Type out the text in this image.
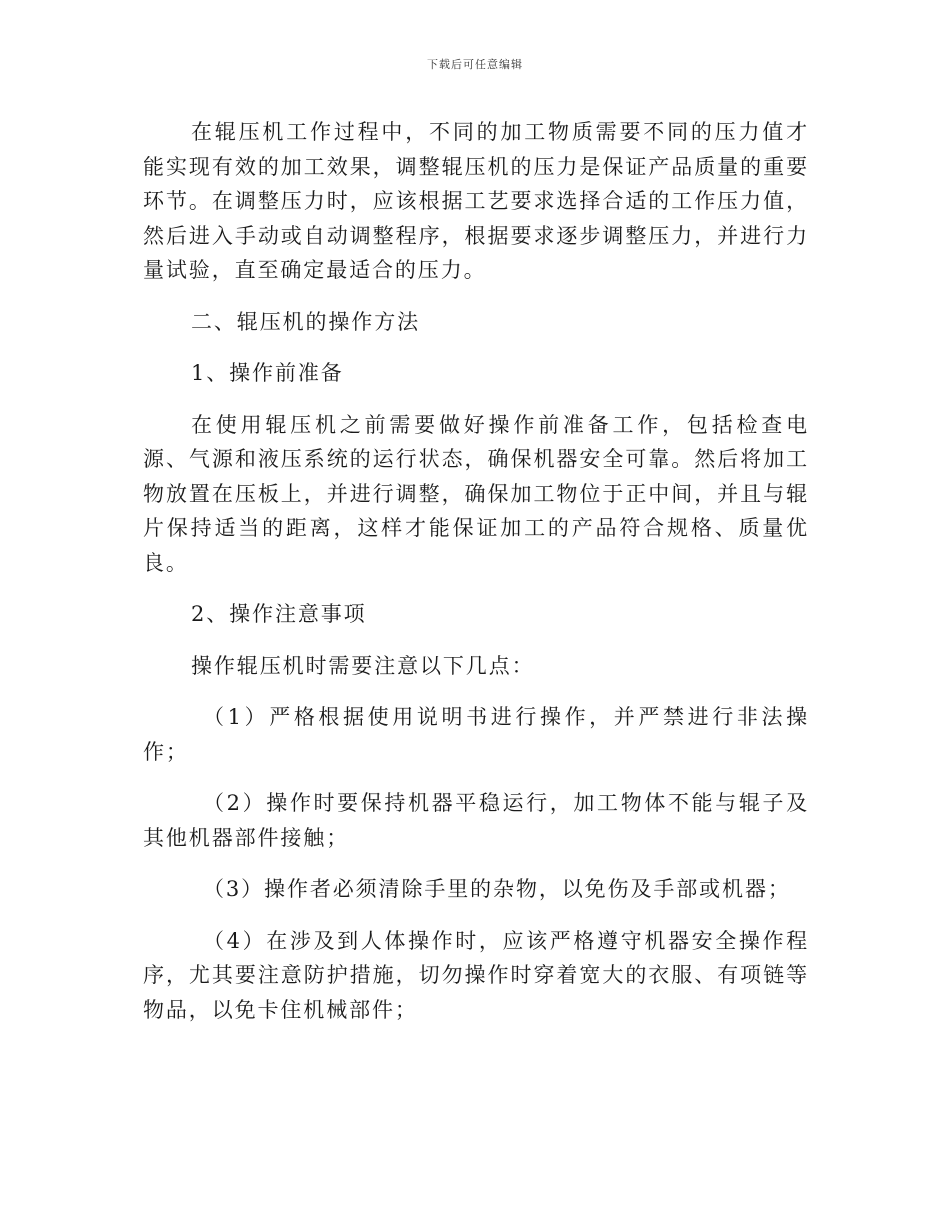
下载后可任意编辑

在辊压机工作过程中，不同的加工物质需要不同的压力值才能实现有效的加工效果，调整辊压机的压力是保证产品质量的重要环节。在调整压力时，应该根据工艺要求选择合适的工作压力值，然后进入手动或自动调整程序，根据要求逐步调整压力，并进行力量试验，直至确定最适合的压力。

二、辊压机的操作方法

1、操作前准备

在使用辊压机之前需要做好操作前准备工作，包括检查电源、气源和液压系统的运行状态，确保机器安全可靠。然后将加工物放置在压板上，并进行调整，确保加工物位于正中间，并且与辊片保持适当的距离，这样才能保证加工的产品符合规格、质量优良。

2、操作注意事项

操作辊压机时需要注意以下几点：

（1）严格根据使用说明书进行操作，并严禁进行非法操作；

（2）操作时要保持机器平稳运行，加工物体不能与辊子及其他机器部件接触；

（3）操作者必须清除手里的杂物，以免伤及手部或机器；

（4）在涉及到人体操作时，应该严格遵守机器安全操作程序，尤其要注意防护措施，切勿操作时穿着宽大的衣服、有项链等物品，以免卡住机械部件；
